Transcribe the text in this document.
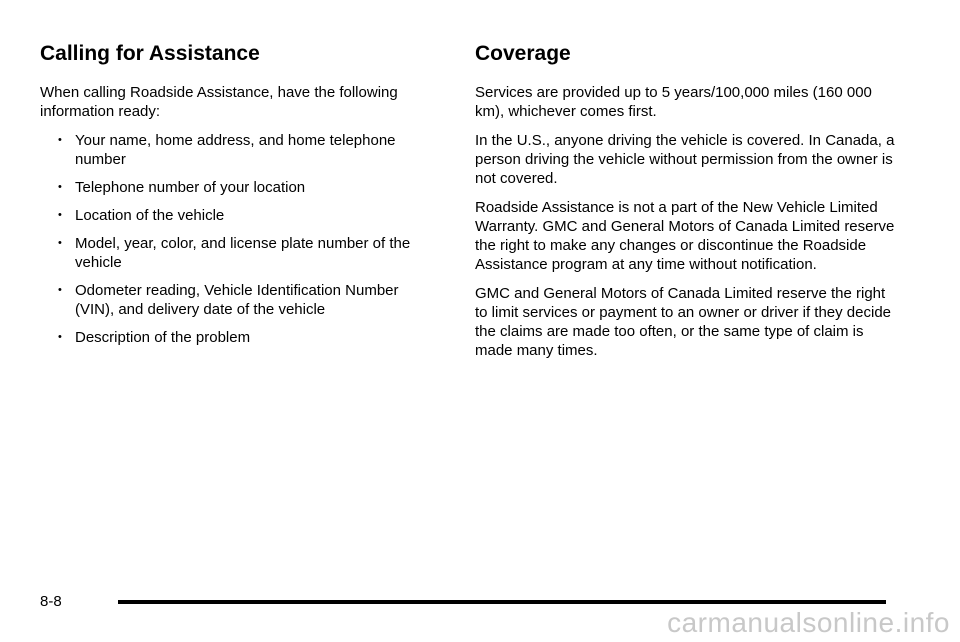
Calling for Assistance

When calling Roadside Assistance, have the following information ready:

• Your name, home address, and home telephone number
• Telephone number of your location
• Location of the vehicle
• Model, year, color, and license plate number of the vehicle
• Odometer reading, Vehicle Identification Number (VIN), and delivery date of the vehicle
• Description of the problem
Coverage

Services are provided up to 5 years/100,000 miles (160 000 km), whichever comes first.

In the U.S., anyone driving the vehicle is covered. In Canada, a person driving the vehicle without permission from the owner is not covered.

Roadside Assistance is not a part of the New Vehicle Limited Warranty. GMC and General Motors of Canada Limited reserve the right to make any changes or discontinue the Roadside Assistance program at any time without notification.

GMC and General Motors of Canada Limited reserve the right to limit services or payment to an owner or driver if they decide the claims are made too often, or the same type of claim is made many times.

8-8
carmanualsonline.info
